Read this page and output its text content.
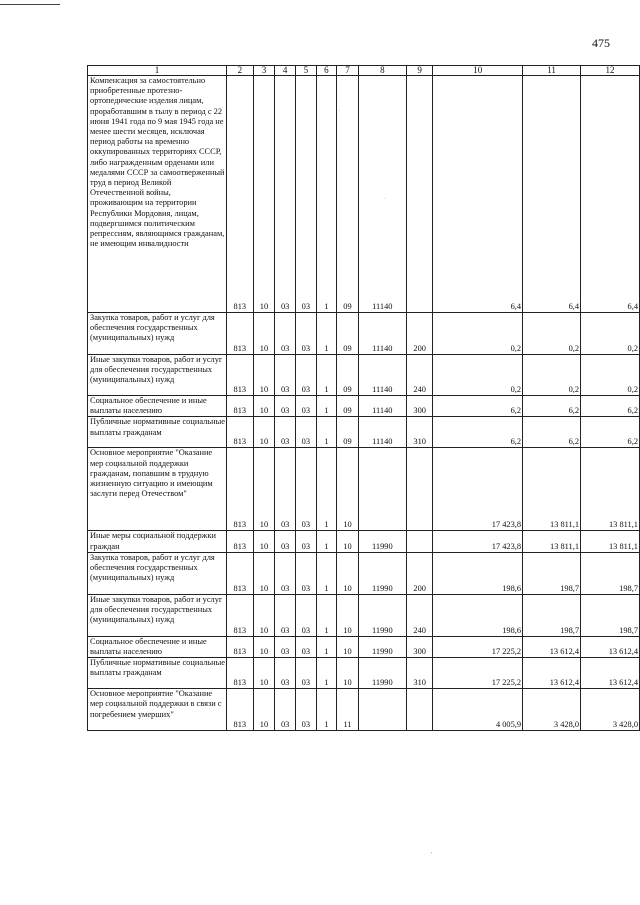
475
1	2	3	4	5	6	7	8	9	10	11	12
Компенсация за самостоятельно приобретенные протезно-ортопедические изделия лицам, проработавшим в тылу в период с 22 июня 1941 года по 9 мая 1945 года не менее шести месяцев, исключая период работы на временно оккупированных территориях СССР, либо награжденным орденами или медалями СССР за самоотверженный труд в период Великой Отечественной войны, проживающим на территории Республики Мордовия, лицам, подвергшимся политическим репрессиям, являющимся гражданам, не имеющим инвалидности	813	10	03	03	1	09	11140		6,4	6,4	6,4
Закупка товаров, работ и услуг для обеспечения государственных (муниципальных) нужд	813	10	03	03	1	09	11140	200	0,2	0,2	0,2
Иные закупки товаров, работ и услуг для обеспечения государственных (муниципальных) нужд	813	10	03	03	1	09	11140	240	0,2	0,2	0,2
Социальное обеспечение и иные выплаты населению	813	10	03	03	1	09	11140	300	6,2	6,2	6,2
Публичные нормативные социальные выплаты гражданам	813	10	03	03	1	09	11140	310	6,2	6,2	6,2
Основное мероприятие "Оказание мер социальной поддержки гражданам, попавшим в трудную жизненную ситуацию и имеющим заслуги перед Отечеством"	813	10	03	03	1	10			17 423,8	13 811,1	13 811,1
Иные меры социальной поддержки граждан	813	10	03	03	1	10	11990		17 423,8	13 811,1	13 811,1
Закупка товаров, работ и услуг для обеспечения государственных (муниципальных) нужд	813	10	03	03	1	10	11990	200	198,6	198,7	198,7
Иные закупки товаров, работ и услуг для обеспечения государственных (муниципальных) нужд	813	10	03	03	1	10	11990	240	198,6	198,7	198,7
Социальное обеспечение и иные выплаты населению	813	10	03	03	1	10	11990	300	17 225,2	13 612,4	13 612,4
Публичные нормативные социальные выплаты гражданам	813	10	03	03	1	10	11990	310	17 225,2	13 612,4	13 612,4
Основное мероприятие "Оказание мер социальной поддержки в связи с погребением умерших"	813	10	03	03	1	11			4 005,9	3 428,0	3 428,0
·
·
'
